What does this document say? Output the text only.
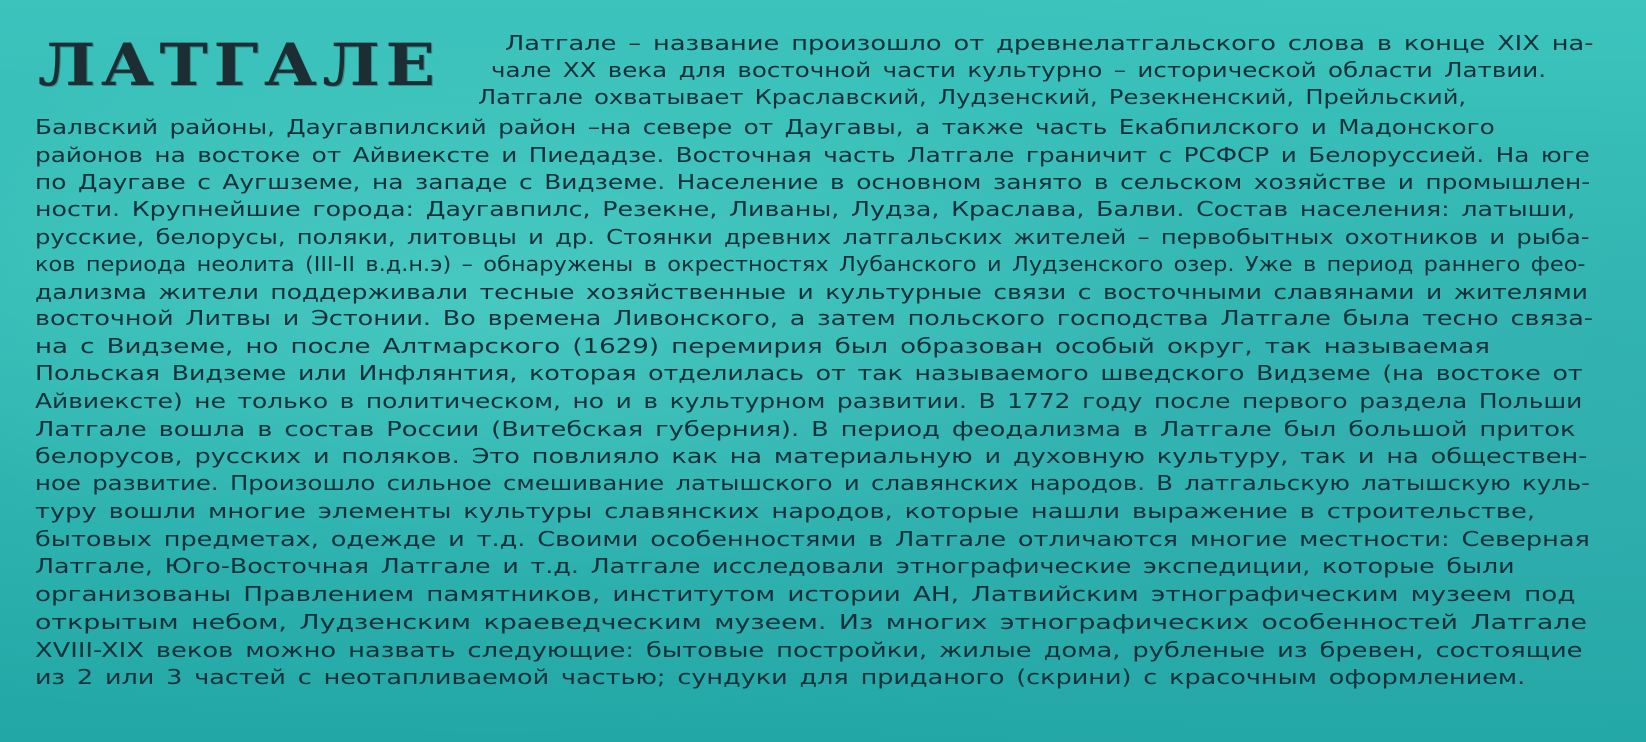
ЛАТГАЛЕ	Латгале – название произошло от древнелатгальского слова в конце XIX на-

чале XX века для восточной части культурно – исторической области Латвии.

Латгале охватывает Краславский, Лудзенский, Резекненский, Прейльский,

Балвский районы, Даугавпилский район –на севере от Даугавы, а также часть Екабпилского и Мадонского

районов на востоке от Айвиексте и Пиедадзе. Восточная часть Латгале граничит с РСФСР и Белоруссией. На юге

по Даугаве с Аугшземе, на западе с Видземе. Население в основном занято в сельском хозяйстве и промышлен-

ности. Крупнейшие города: Даугавпилс, Резекне, Ливаны, Лудза, Краслава, Балви. Состав населения: латыши,

русские, белорусы, поляки, литовцы и др. Стоянки древних латгальских жителей – первобытных охотников и рыба-

ков периода неолита (III-II в.д.н.э) – обнаружены в окрестностях Лубанского и Лудзенского озер. Уже в период раннего фео-

дализма жители поддерживали тесные хозяйственные и культурные связи с восточными славянами и жителями

восточной Литвы и Эстонии. Во времена Ливонского, а затем польского господства Латгале была тесно связа-

на с Видземе, но после Алтмарского (1629) перемирия был образован особый округ, так называемая

Польская Видземе или Инфлянтия, которая отделилась от так называемого шведского Видземе (на востоке от

Айвиексте) не только в политическом, но и в культурном развитии. В 1772 году после первого раздела Польши

Латгале вошла в состав России (Витебская губерния). В период феодализма в Латгале был большой приток

белорусов, русских и поляков. Это повлияло как на материальную и духовную культуру, так и на обществен-

ное развитие. Произошло сильное смешивание латышского и славянских народов. В латгальскую латышскую куль-

туру вошли многие элементы культуры славянских народов, которые нашли выражение в строительстве,

бытовых предметах, одежде и т.д. Своими особенностями в Латгале отличаются многие местности: Северная

Латгале, Юго-Восточная Латгале и т.д. Латгале исследовали этнографические экспедиции, которые были

организованы Правлением памятников, институтом истории АН, Латвийским этнографическим музеем под

открытым небом, Лудзенским краеведческим музеем. Из многих этнографических особенностей Латгале

XVIII-XIX веков можно назвать следующие: бытовые постройки, жилые дома, рубленые из бревен, состоящие

из 2 или 3 частей с неотапливаемой частью; сундуки для приданого (скрини) с красочным оформлением.
